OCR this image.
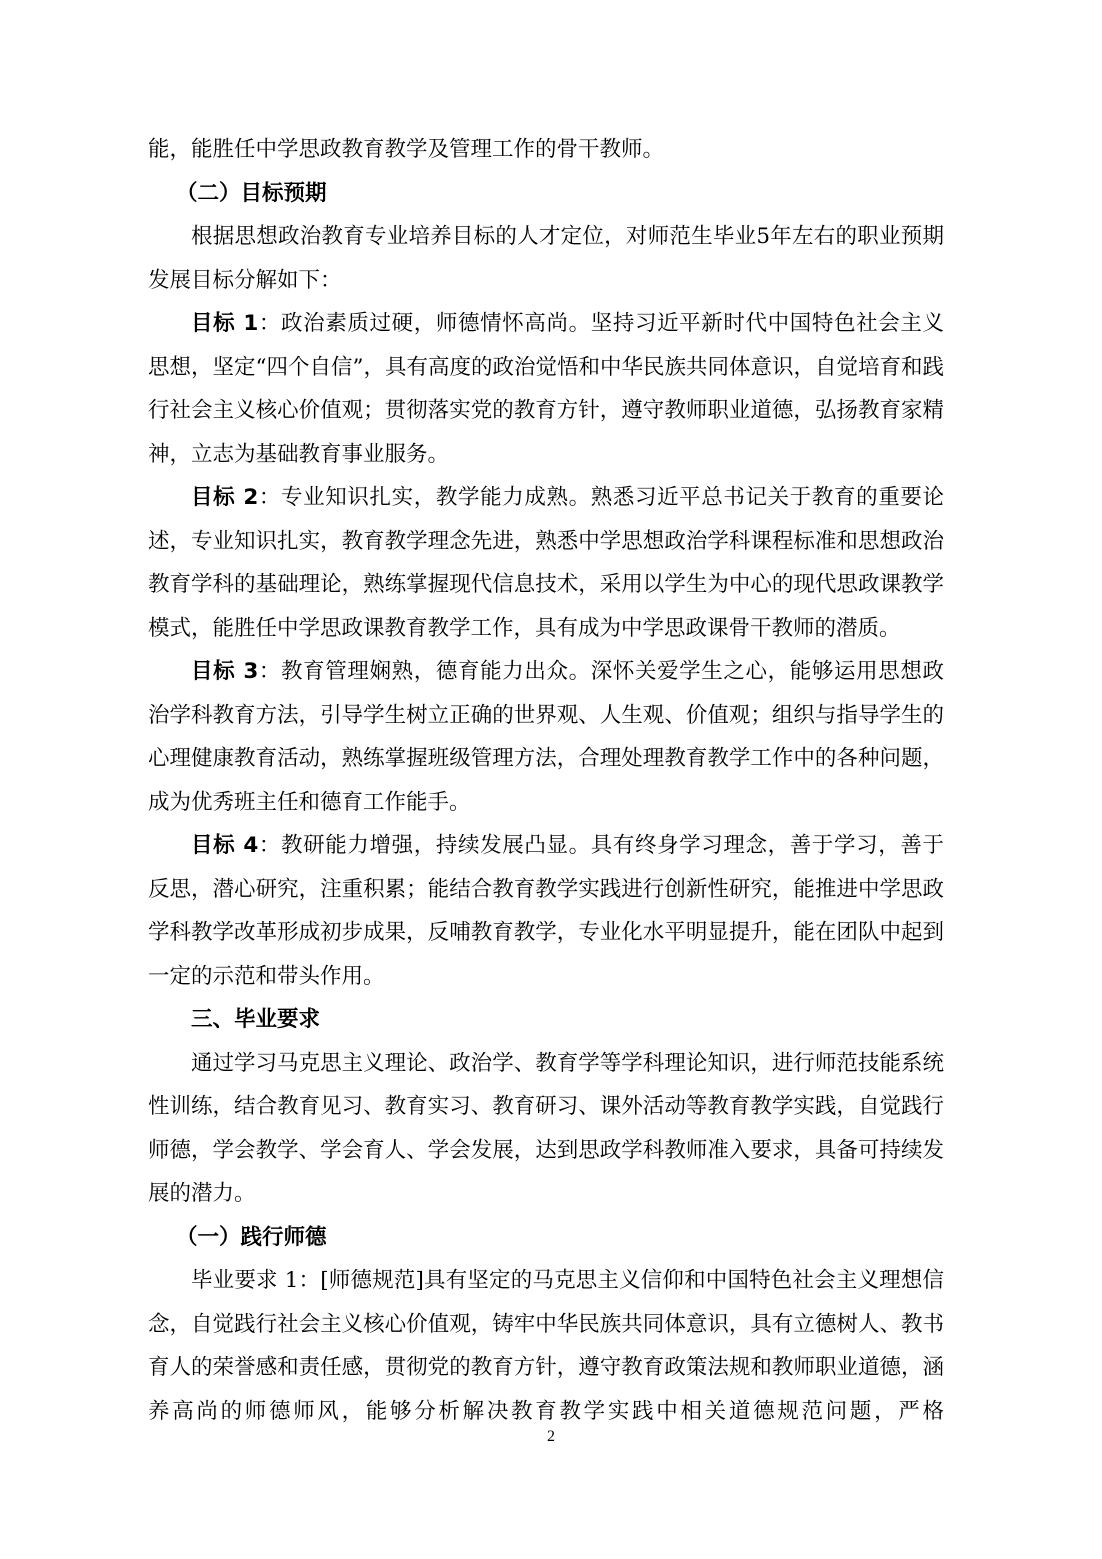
能，能胜任中学思政教育教学及管理工作的骨干教师。

（二）目标预期

根据思想政治教育专业培养目标的人才定位，对师范生毕业5年左右的职业预期发展目标分解如下：

目标 1：政治素质过硬，师德情怀高尚。坚持习近平新时代中国特色社会主义思想，坚定“四个自信”，具有高度的政治觉悟和中华民族共同体意识，自觉培育和践行社会主义核心价值观；贯彻落实党的教育方针，遵守教师职业道德，弘扬教育家精神，立志为基础教育事业服务。

目标 2：专业知识扎实，教学能力成熟。熟悉习近平总书记关于教育的重要论述，专业知识扎实，教育教学理念先进，熟悉中学思想政治学科课程标准和思想政治教育学科的基础理论，熟练掌握现代信息技术，采用以学生为中心的现代思政课教学模式，能胜任中学思政课教育教学工作，具有成为中学思政课骨干教师的潜质。

目标 3：教育管理娴熟，德育能力出众。深怀关爱学生之心，能够运用思想政治学科教育方法，引导学生树立正确的世界观、人生观、价值观；组织与指导学生的心理健康教育活动，熟练掌握班级管理方法，合理处理教育教学工作中的各种问题，成为优秀班主任和德育工作能手。

目标 4：教研能力增强，持续发展凸显。具有终身学习理念，善于学习，善于反思，潜心研究，注重积累；能结合教育教学实践进行创新性研究，能推进中学思政学科教学改革形成初步成果，反哺教育教学，专业化水平明显提升，能在团队中起到一定的示范和带头作用。

三、毕业要求

通过学习马克思主义理论、政治学、教育学等学科理论知识，进行师范技能系统性训练，结合教育见习、教育实习、教育研习、课外活动等教育教学实践，自觉践行师德，学会教学、学会育人、学会发展，达到思政学科教师准入要求，具备可持续发展的潜力。

（一）践行师德

毕业要求 1：[师德规范]具有坚定的马克思主义信仰和中国特色社会主义理想信念，自觉践行社会主义核心价值观，铸牢中华民族共同体意识，具有立德树人、教书育人的荣誉感和责任感，贯彻党的教育方针，遵守教育政策法规和教师职业道德，涵养高尚的师德师风，能够分析解决教育教学实践中相关道德规范问题，严格

2
